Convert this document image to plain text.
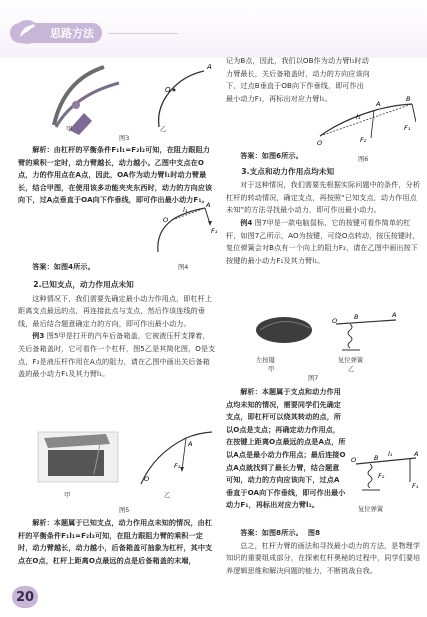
思路方法
A
O
甲	乙
图3

解析：由杠杆的平衡条件F₁l₁=F₂l₂可知，在阻力跟阻力臂的乘积一定时，动力臂越长，动力越小。乙图中支点在O点，力的作用点在A点，因此，OA作为动力臂l₁时动力臂最长，结合甲图，在使用该多功能夹夹东西时，动力的方向应该向下，过A点垂直于OA向下作垂线，即可作出最小动力F₁。

A
O
F₁
l₁
图4

答案：如图4所示。

2.已知支点，动力作用点未知

这种情况下，我们需要先确定最小动力作用点，即杠杆上距离支点最远的点，再连接此点与支点，然后作该连线的垂线，最后结合题意确定力的方向，即可作出最小动力。

例3 图5甲是打开的汽车后备箱盖，它被液压杆支撑着，关后备箱盖时，它可看作一个杠杆，图5乙是其简化图，O是支点，F₂是液压杆作用在A点的阻力，请在乙图中画出关后备箱盖的最小动力F₁及其力臂l₁。

O
A
F₂
甲	乙
图5

解析：本题属于已知支点，动力作用点未知的情况，由杠杆的平衡条件F₁l₁=F₂l₂可知，在阻力跟阻力臂的乘积一定时，动力臂越长，动力越小，后备箱盖可抽象为杠杆，其中支点在O点，杠杆上距离O点最远的点是后备箱盖的末端，

20

记为B点，因此，我们以OB作为动力臂l₁时动力臂最长，关后备箱盖时，动力的方向应该向下，过点B垂直于OB向下作垂线，即可作出最小动力F₁，再标出对应力臂l₁。

O
A
B
F₁
F₂
l₁
图6

答案：如图6所示。

3.支点和动力作用点均未知

对于这种情况，我们需要先根据实际问题中的条件，分析杠杆的转动情况，确定支点，再按照“已知支点，动力作用点未知”的方法寻找最小动力，即可作出最小动力。

例4 图7甲是一款电脑鼠标，它的按键可看作简单的杠杆，如图7乙所示，AO为按键，可绕O点转动，按压按键时，复位弹簧会对B点有一个向上的阻力F₂，请在乙图中画出按下按键的最小动力F₁及其力臂l₁。

A
O	B
左按键	复位弹簧
甲	乙
图7

解析：本题属于支点和动力作用点均未知的情况，需要同学们先确定支点，即杠杆可以绕其转动的点，所以O点是支点；再确定动力作用点，在按键上距离O点最远的点是A点，所以A点是最小动力作用点；最后连接O点A点就找到了最长力臂，结合题意可知，动力的方向应该向下，过点A垂直于OA向下作垂线，即可作出最小动力F₁，再标出对应力臂l₁。

A
O	B
F₁
F₂
l₁
复位弹簧

答案：如图8所示。 图8

总之，杠杆力臂的画法和寻找最小动力的方法，是物理学知识的重要组成部分，在探索杠杆奥秘的过程中，同学们要培养逻辑思维和解决问题的能力，不断挑战自我。
